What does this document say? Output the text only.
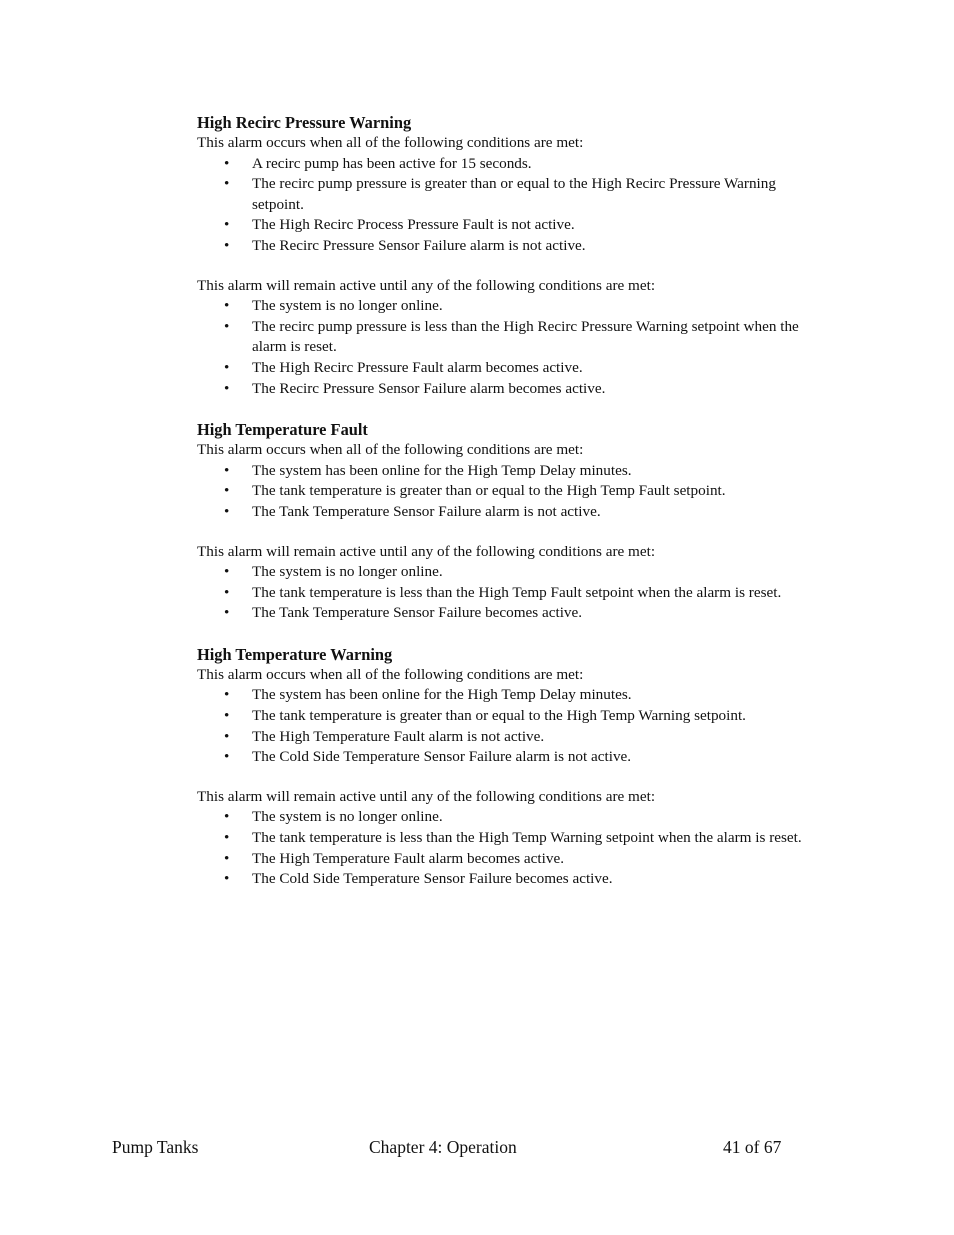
High Recirc Pressure Warning

This alarm occurs when all of the following conditions are met:

• A recirc pump has been active for 15 seconds.
• The recirc pump pressure is greater than or equal to the High Recirc Pressure Warning setpoint.
• The High Recirc Process Pressure Fault is not active.
• The Recirc Pressure Sensor Failure alarm is not active.

This alarm will remain active until any of the following conditions are met:

• The system is no longer online.
• The recirc pump pressure is less than the High Recirc Pressure Warning setpoint when the alarm is reset.
• The High Recirc Pressure Fault alarm becomes active.
• The Recirc Pressure Sensor Failure alarm becomes active.

High Temperature Fault

This alarm occurs when all of the following conditions are met:

• The system has been online for the High Temp Delay minutes.
• The tank temperature is greater than or equal to the High Temp Fault setpoint.
• The Tank Temperature Sensor Failure alarm is not active.

This alarm will remain active until any of the following conditions are met:

• The system is no longer online.
• The tank temperature is less than the High Temp Fault setpoint when the alarm is reset.
• The Tank Temperature Sensor Failure becomes active.

High Temperature Warning

This alarm occurs when all of the following conditions are met:

• The system has been online for the High Temp Delay minutes.
• The tank temperature is greater than or equal to the High Temp Warning setpoint.
• The High Temperature Fault alarm is not active.
• The Cold Side Temperature Sensor Failure alarm is not active.

This alarm will remain active until any of the following conditions are met:

• The system is no longer online.
• The tank temperature is less than the High Temp Warning setpoint when the alarm is reset.
• The High Temperature Fault alarm becomes active.
• The Cold Side Temperature Sensor Failure becomes active.
Pump Tanks	Chapter 4: Operation	41 of 67
